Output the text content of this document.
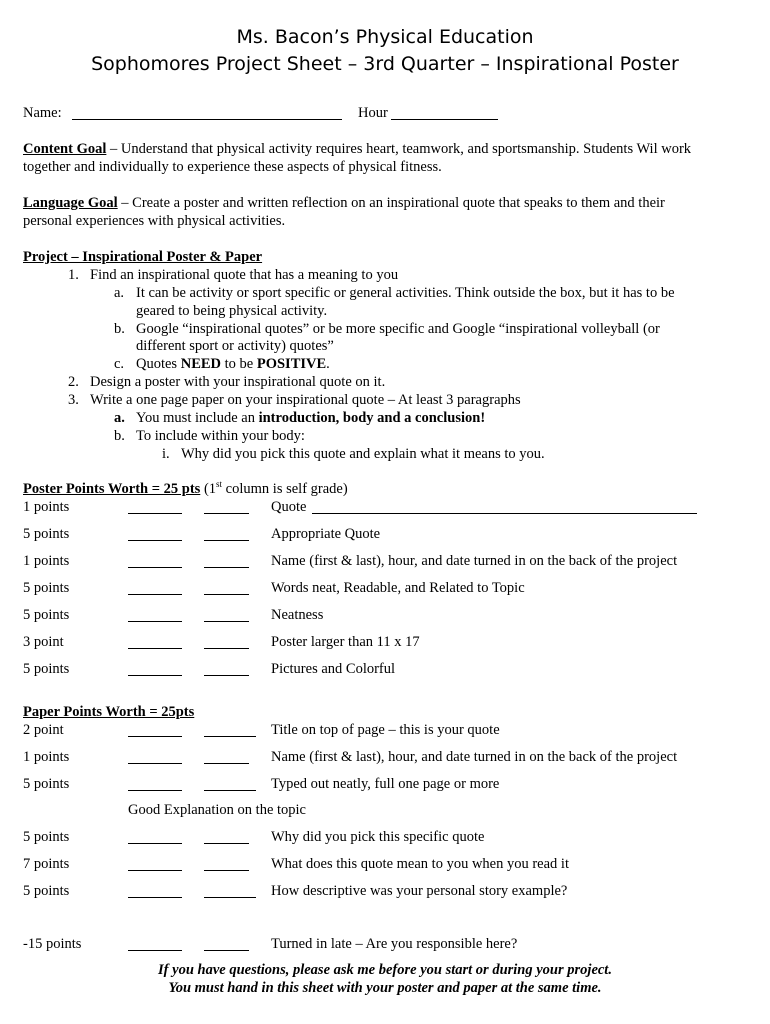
Ms. Bacon’s Physical Education
Sophomores Project Sheet – 3rd Quarter – Inspirational Poster
Name:	Hour
Content Goal – Understand that physical activity requires heart, teamwork, and sportsmanship. Students Wil work together and individually to experience these aspects of physical fitness.
Language Goal – Create a poster and written reflection on an inspirational quote that speaks to them and their personal experiences with physical activities.
Project – Inspirational Poster & Paper
1. Find an inspirational quote that has a meaning to you
a. It can be activity or sport specific or general activities. Think outside the box, but it has to be
geared to being physical activity.
b. Google “inspirational quotes” or be more specific and Google “inspirational volleyball (or
different sport or activity) quotes”
c. Quotes NEED to be POSITIVE.
2. Design a poster with your inspirational quote on it.
3. Write a one page paper on your inspirational quote – At least 3 paragraphs
a. You must include an introduction, body and a conclusion!
b. To include within your body:
i. Why did you pick this quote and explain what it means to you.
Poster Points Worth = 25 pts (1st column is self grade)
1 points	Quote
5 points	Appropriate Quote
1 points	Name (first & last), hour, and date turned in on the back of the project
5 points	Words neat, Readable, and Related to Topic
5 points	Neatness
3 point	Poster larger than 11 x 17
5 points	Pictures and Colorful
Paper Points Worth = 25pts
2 point	Title on top of page – this is your quote
1 points	Name (first & last), hour, and date turned in on the back of the project
5 points	Typed out neatly, full one page or more
Good Explanation on the topic
5 points	Why did you pick this specific quote
7 points	What does this quote mean to you when you read it
5 points	How descriptive was your personal story example?
-15 points	Turned in late – Are you responsible here?
If you have questions, please ask me before you start or during your project.
You must hand in this sheet with your poster and paper at the same time.
